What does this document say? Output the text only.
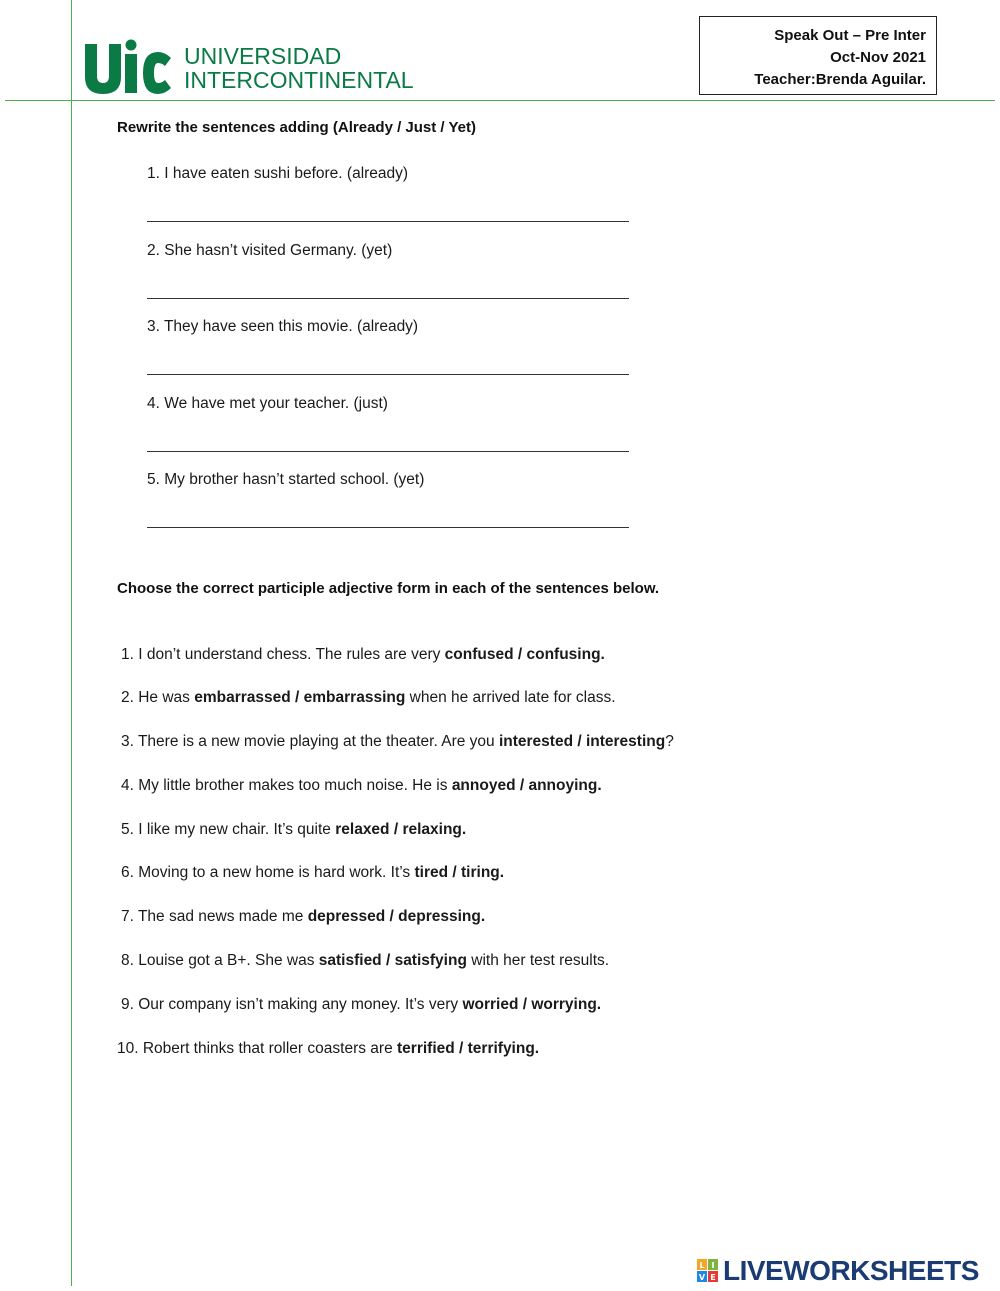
UNIVERSIDAD
INTERCONTINENTAL
Speak Out – Pre Inter
Oct-Nov 2021
Teacher:Brenda Aguilar.
Rewrite the sentences adding (Already / Just / Yet)
1. I have eaten sushi before. (already)
2. She hasn’t visited Germany. (yet)
3. They have seen this movie. (already)
4. We have met your teacher. (just)
5. My brother hasn’t started school. (yet)
Choose the correct participle adjective form in each of the sentences below.
1. I don’t understand chess. The rules are very confused / confusing.
2. He was embarrassed / embarrassing when he arrived late for class.
3. There is a new movie playing at the theater. Are you interested / interesting?
4. My little brother makes too much noise. He is annoyed / annoying.
5. I like my new chair. It’s quite relaxed / relaxing.
6. Moving to a new home is hard work. It’s tired / tiring.
7. The sad news made me depressed / depressing.
8. Louise got a B+. She was satisfied / satisfying with her test results.
9. Our company isn’t making any money. It’s very worried / worrying.
10. Robert thinks that roller coasters are terrified / terrifying.
L I
V E LIVEWORKSHEETS
